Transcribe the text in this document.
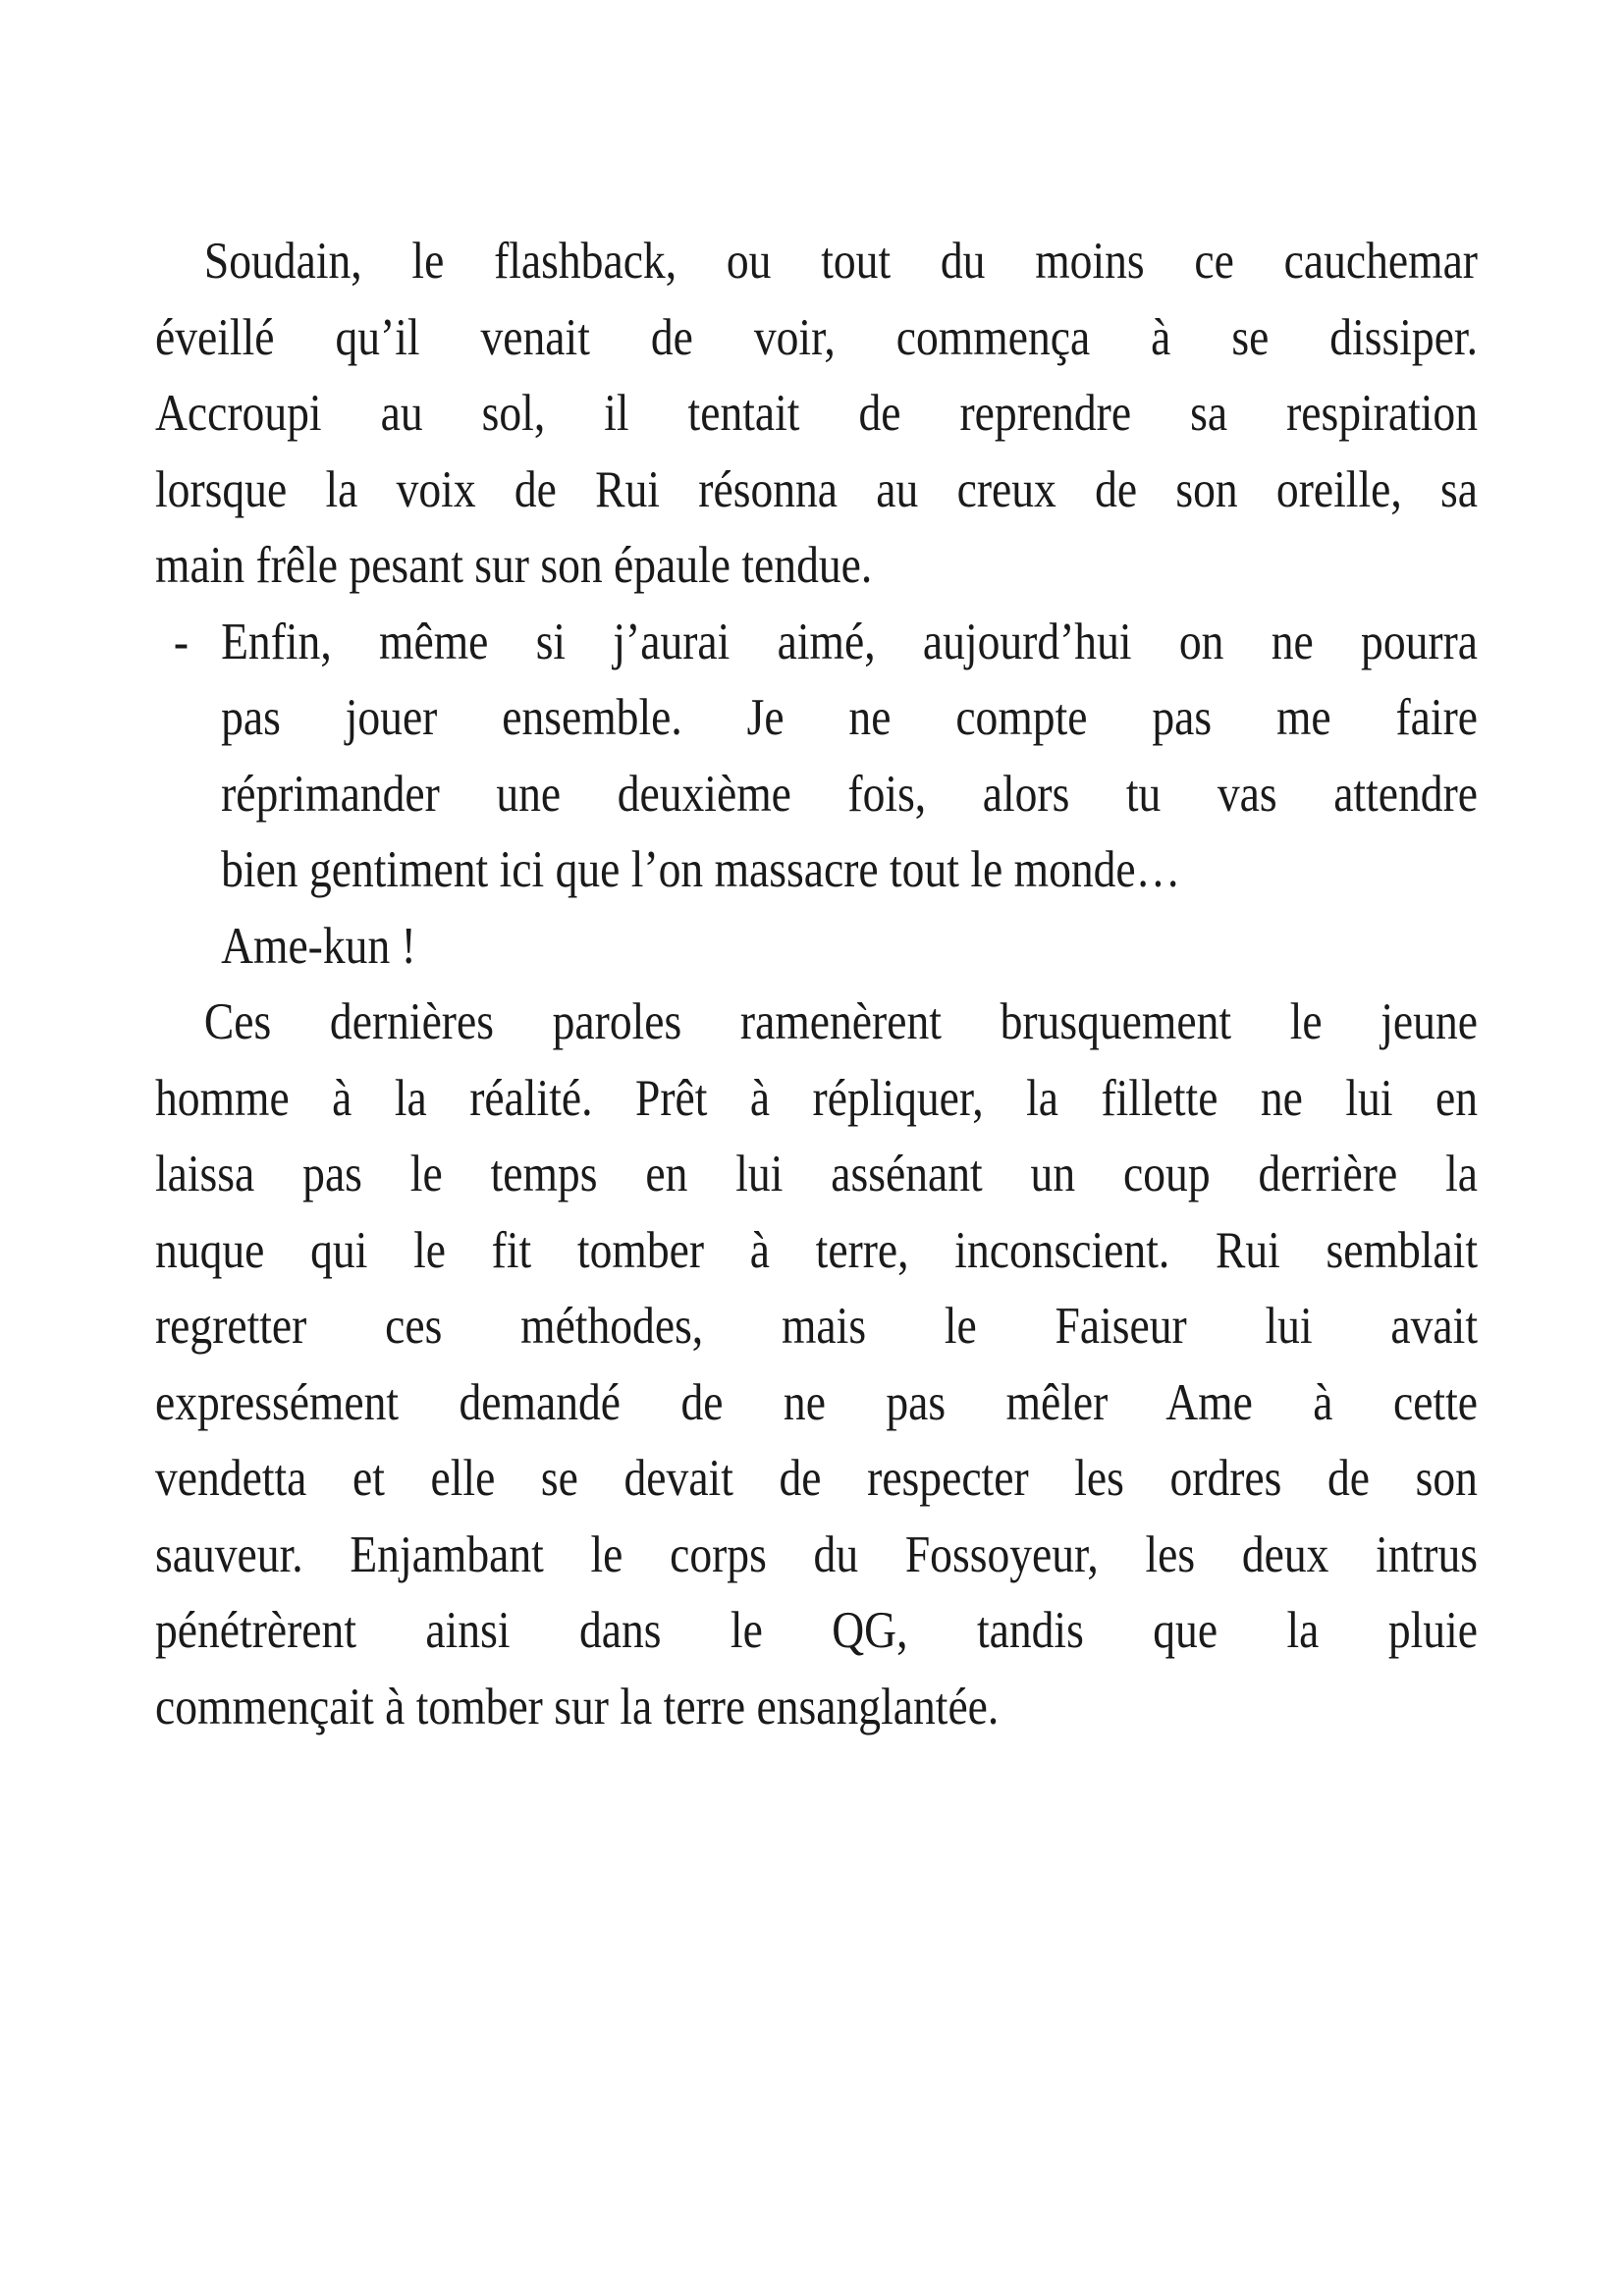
Soudain, le flashback, ou tout du moins ce cauchemar
éveillé qu’il venait de voir, commença à se dissiper.
Accroupi au sol, il tentait de reprendre sa respiration
lorsque la voix de Rui résonna au creux de son oreille, sa
main frêle pesant sur son épaule tendue.

- Enfin, même si j’aurai aimé, aujourd’hui on ne pourra
pas jouer ensemble. Je ne compte pas me faire
réprimander une deuxième fois, alors tu vas attendre
bien gentiment ici que l’on massacre tout le monde…
Ame-kun !

Ces dernières paroles ramenèrent brusquement le jeune
homme à la réalité. Prêt à répliquer, la fillette ne lui en
laissa pas le temps en lui assénant un coup derrière la
nuque qui le fit tomber à terre, inconscient. Rui semblait
regretter ces méthodes, mais le Faiseur lui avait
expressément demandé de ne pas mêler Ame à cette
vendetta et elle se devait de respecter les ordres de son
sauveur. Enjambant le corps du Fossoyeur, les deux intrus
pénétrèrent ainsi dans le QG, tandis que la pluie
commençait à tomber sur la terre ensanglantée.
